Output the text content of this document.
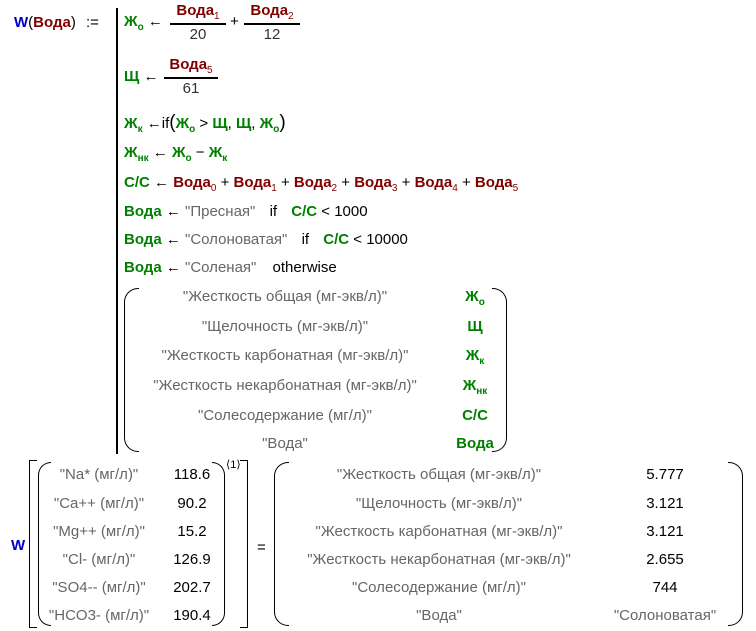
W(Вода) := $Ж_о$ ←
Вода$_1$
20
+
Вода$_2$
12
Щ ←
Вода$_5$
61
$Ж_к$ $\leftarrow if(Ж_о > Щ$, Щ, $Ж_о$)
$Ж_{нк}$ ← $Ж_о - Ж_к$
С/С ← Вода$_0$ + Вода$_1$ + Вода$_2$ + Вода$_3$ + Вода$_4$ + Вода$_5$
Вода ← "Пресная" if С/С < 1000
Вода ← "Солоноватая" if С/С < 10000
Вода ← "Соленая" otherwise
"Жесткость общая (мг-экв/л)"
"Щелочность (мг-экв/л)"
"Жесткость карбонатная (мг-экв/л)"
"Жесткость некарбонатная (мг-экв/л)"
"Солесодержание (мг/л)"
"Вода"
$Ж_о$
Щ
$Ж_к$
$Ж_{нк}$
С/С
Вода
W
⟨1⟩
"Na* (мг/л)"
"Ca++ (мг/л)"
"Mg++ (мг/л)"
"Cl- (мг/л)"
"SO4-- (мг/л)"
"HCO3- (мг/л)"
118.6
90.2
15.2
126.9
202.7
190.4
=
"Жесткость общая (мг-экв/л)"
"Щелочность (мг-экв/л)"
"Жесткость карбонатная (мг-экв/л)"
"Жесткость некарбонатная (мг-экв/л)"
"Солесодержание (мг/л)"
"Вода"
5.777
3.121
3.121
2.655
744
"Солоноватая"
